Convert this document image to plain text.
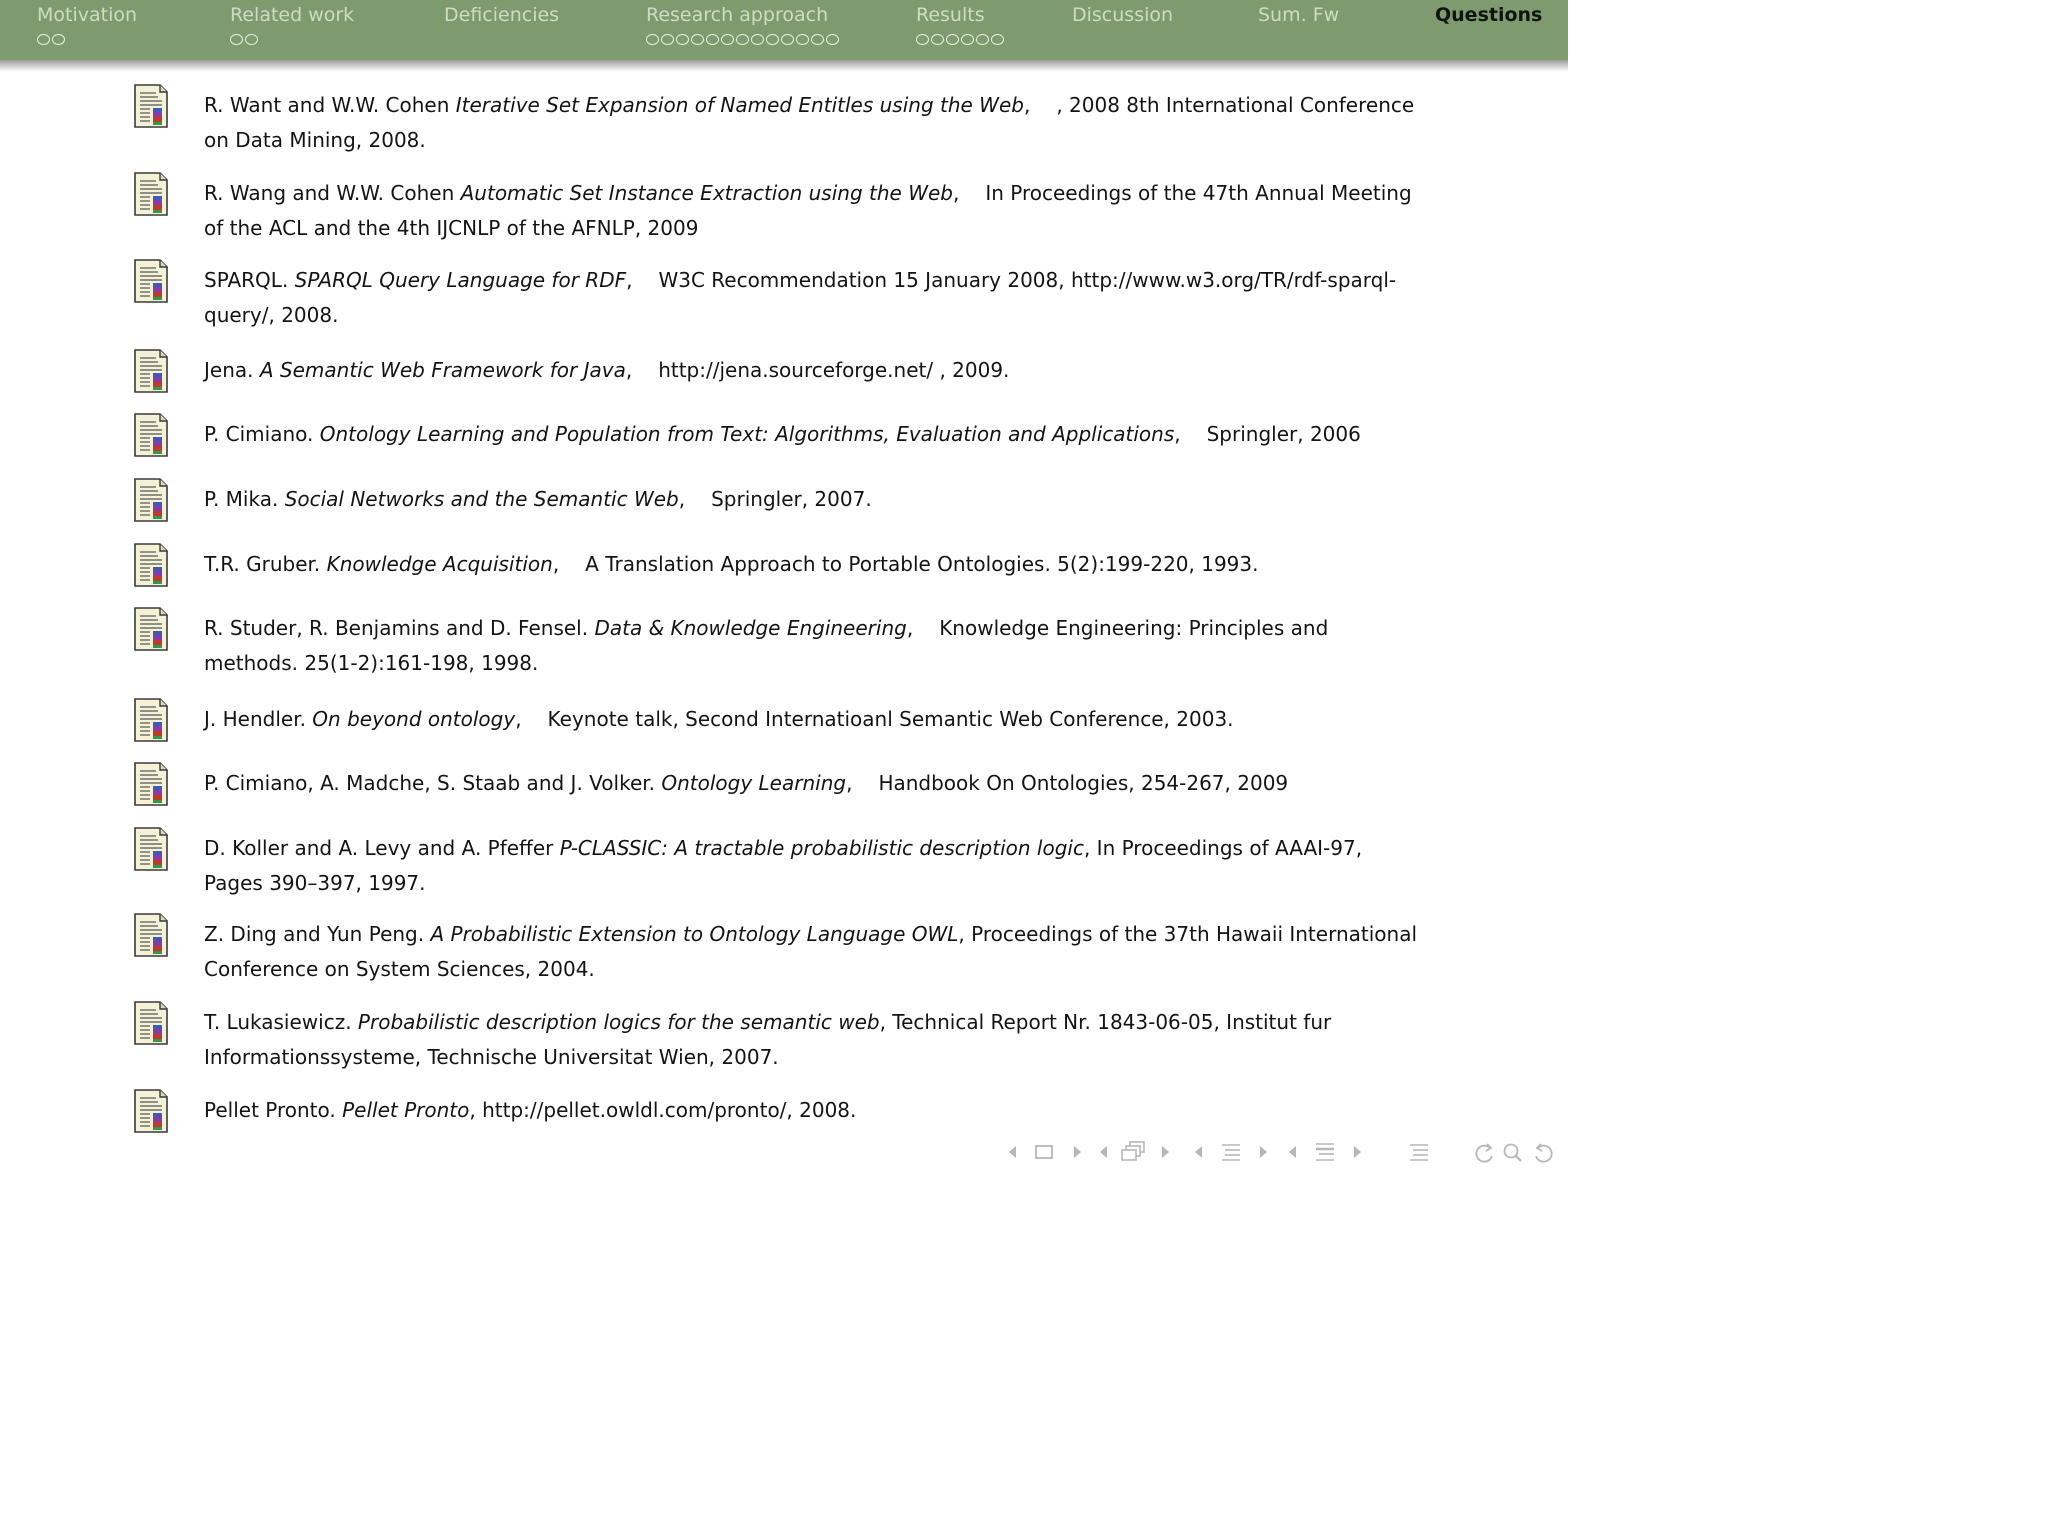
Motivation	Related work	Deficiencies	Research approach	Results	Discussion	Sum. Fw	Questions
R. Want and W.W. Cohen Iterative Set Expansion of Named Entitles using the Web, , 2008 8th International Conference on Data Mining, 2008.
R. Wang and W.W. Cohen Automatic Set Instance Extraction using the Web, In Proceedings of the 47th Annual Meeting of the ACL and the 4th IJCNLP of the AFNLP, 2009
SPARQL. SPARQL Query Language for RDF, W3C Recommendation 15 January 2008, http://www.w3.org/TR/rdf-sparql-query/, 2008.
Jena. A Semantic Web Framework for Java, http://jena.sourceforge.net/ , 2009.
P. Cimiano. Ontology Learning and Population from Text: Algorithms, Evaluation and Applications, Springler, 2006
P. Mika. Social Networks and the Semantic Web, Springler, 2007.
T.R. Gruber. Knowledge Acquisition, A Translation Approach to Portable Ontologies. 5(2):199-220, 1993.
R. Studer, R. Benjamins and D. Fensel. Data & Knowledge Engineering, Knowledge Engineering: Principles and methods. 25(1-2):161-198, 1998.
J. Hendler. On beyond ontology, Keynote talk, Second Internatioanl Semantic Web Conference, 2003.
P. Cimiano, A. Madche, S. Staab and J. Volker. Ontology Learning, Handbook On Ontologies, 254-267, 2009
D. Koller and A. Levy and A. Pfeffer P-CLASSIC: A tractable probabilistic description logic, In Proceedings of AAAI-97, Pages 390–397, 1997.
Z. Ding and Yun Peng. A Probabilistic Extension to Ontology Language OWL, Proceedings of the 37th Hawaii International Conference on System Sciences, 2004.
T. Lukasiewicz. Probabilistic description logics for the semantic web, Technical Report Nr. 1843-06-05, Institut fur Informationssysteme, Technische Universitat Wien, 2007.
Pellet Pronto. Pellet Pronto, http://pellet.owldl.com/pronto/, 2008.
